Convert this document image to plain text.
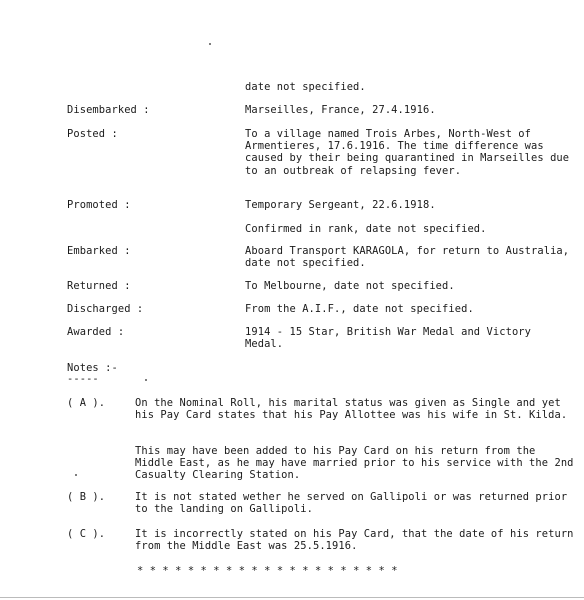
date not specified.
Disembarked :	Marseilles, France, 27.4.1916.
Posted :	To a village named Trois Arbes, North-West of Armentieres, 17.6.1916. The time difference was caused by their being quarantined in Marseilles due to an outbreak of relapsing fever.
Promoted :	Temporary Sergeant, 22.6.1918.
Confirmed in rank, date not specified.
Embarked :	Aboard Transport KARAGOLA, for return to Australia, date not specified.
Returned :	To Melbourne, date not specified.
Discharged :	From the A.I.F., date not specified.
Awarded :	1914 - 15 Star, British War Medal and Victory Medal.
Notes :-
-----
( A ).	On the Nominal Roll, his marital status was given as Single and yet his Pay Card states that his Pay Allottee was his wife in St. Kilda.
This may have been added to his Pay Card on his return from the Middle East, as he may have married prior to his service with the 2nd Casualty Clearing Station.
( B ).	It is not stated wether he served on Gallipoli or was returned prior to the landing on Gallipoli.
( C ).	It is incorrectly stated on his Pay Card, that the date of his return from the Middle East was 25.5.1916.
* * * * * * * * * * * * * * * * * * * * *
